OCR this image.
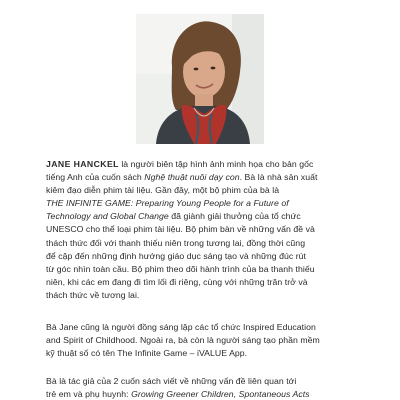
JANE HANCKEL là người biên tập hình ảnh minh họa cho bản gốc
tiếng Anh của cuốn sách Nghệ thuật nuôi dạy con. Bà là nhà sản xuất
kiêm đạo diễn phim tài liệu. Gần đây, một bộ phim của bà là
THE INFINITE GAME: Preparing Young People for a Future of
Technology and Global Change đã giành giải thưởng của tổ chức
UNESCO cho thể loại phim tài liệu. Bộ phim bàn về những vấn đề và
thách thức đối với thanh thiếu niên trong tương lai, đồng thời cũng
để cập đến những định hướng giáo dục sáng tạo và những đúc rút
từ góc nhìn toàn cầu. Bộ phim theo dõi hành trình của ba thanh thiếu
niên, khi các em đang đi tìm lối đi riêng, cùng với những trăn trở và
thách thức về tương lai.
Bà Jane cũng là người đồng sáng lập các tổ chức Inspired Education
and Spirit of Childhood. Ngoài ra, bà còn là người sáng tạo phần mềm
kỹ thuật số có tên The Infinite Game – iVALUE App.
Bà là tác giả của 2 cuốn sách viết về những vấn đề liên quan tới
trẻ em và phụ huynh: Growing Greener Children, Spontaneous Acts
